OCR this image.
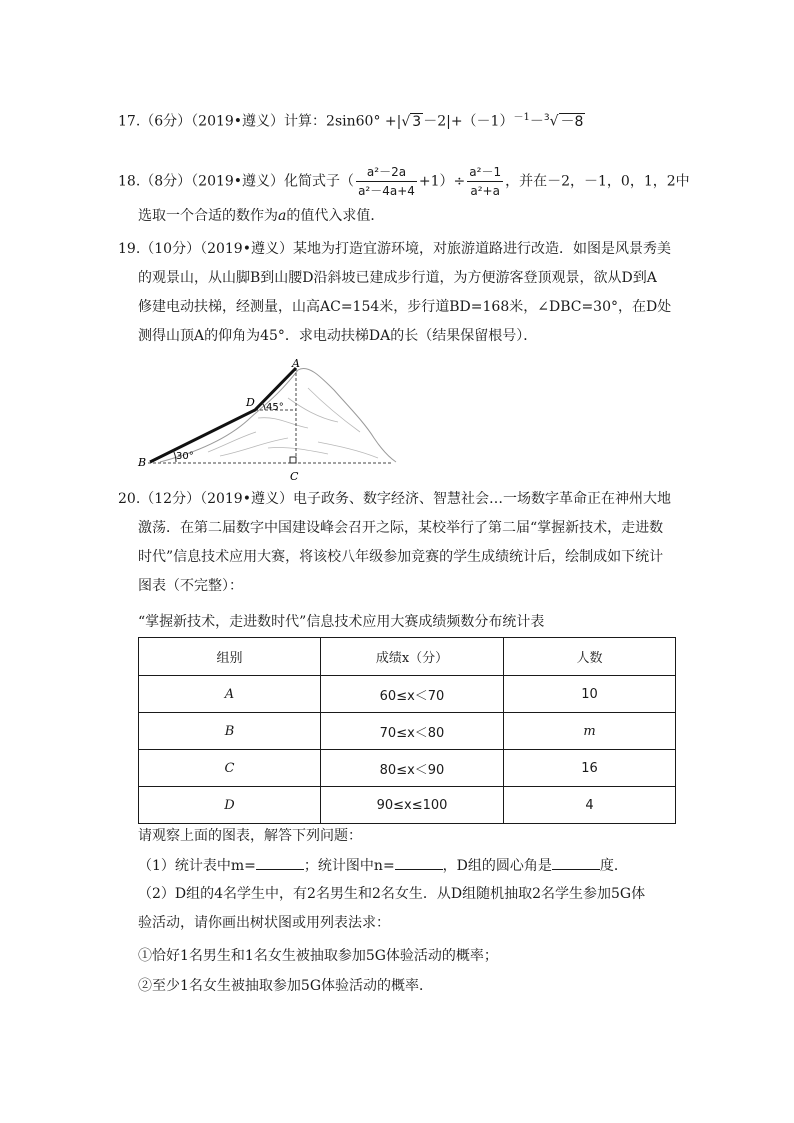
17.（6分）（2019•遵义）计算：2sin60° +|√ $3 -2|+(-1)^{-1}-^3√ -8$
18.（8分）（2019•遵义）化简式子（ $\frac{\text{a²－2a}}{\text{a²－4a+4}} +1)\div \frac{\text{a²－1}}{\text{a²+a}}$ ，并在－2，－1，0，1，2中
选取一个合适的数作为a的值代入求值．
19.（10分）（2019•遵义）某地为打造宜游环境，对旅游道路进行改造．如图是风景秀美
的观景山，从山脚B到山腰D沿斜坡已建成步行道，为方便游客登顶观景，欲从D到A
修建电动扶梯，经测量，山高AC=154米，步行道BD=168米，∠DBC=30°，在D处
测得山顶A的仰角为45°．求电动扶梯DA的长（结果保留根号）．
A
B
C
D 45°
30°
20.（12分）（2019•遵义）电子政务、数字经济、智慧社会…一场数字革命正在神州大地
激荡．在第二届数字中国建设峰会召开之际，某校举行了第二届“掌握新技术，走进数
时代”信息技术应用大赛，将该校八年级参加竞赛的学生成绩统计后，绘制成如下统计
图表（不完整）：
“掌握新技术，走进数时代”信息技术应用大赛成绩频数分布统计表
组别	成绩x（分）	人数
A	60≤x＜70	10
B	70≤x＜80	m
C	80≤x＜90	16
D	90≤x≤100	4
请观察上面的图表，解答下列问题：
（1）统计表中m=	；统计图中n=	，D组的圆心角是	度．
（2）D组的4名学生中，有2名男生和2名女生．从D组随机抽取2名学生参加5G体
验活动，请你画出树状图或用列表法求：
①恰好1名男生和1名女生被抽取参加5G体验活动的概率；
②至少1名女生被抽取参加5G体验活动的概率．
